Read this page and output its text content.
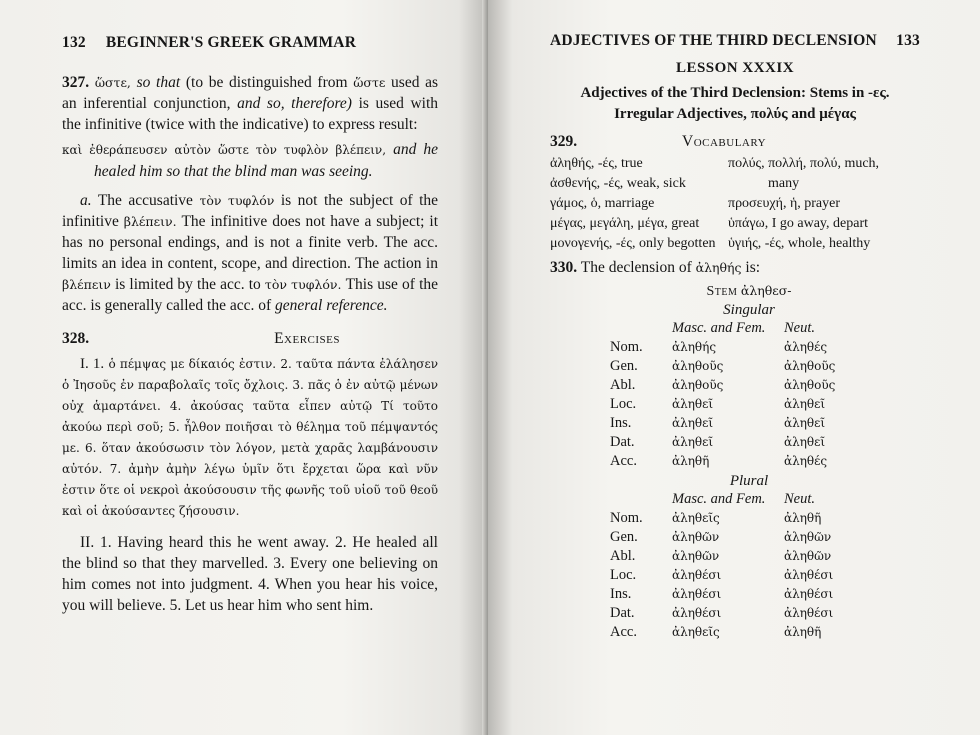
132 BEGINNER'S GREEK GRAMMAR

327. ὥστε, so that (to be distinguished from ὥστε used as an inferential conjunction, and so, therefore) is used with the infinitive (twice with the indicative) to express result:

καὶ ἐθεράπευσεν αὐτὸν ὥστε τὸν τυφλὸν βλέπειν, and he healed him so that the blind man was seeing.

a. The accusative τὸν τυφλόν is not the subject of the infinitive βλέπειν. The infinitive does not have a subject; it has no personal endings, and is not a finite verb. The acc. limits an idea in content, scope, and direction. The action in βλέπειν is limited by the acc. to τὸν τυφλόν. This use of the acc. is generally called the acc. of general reference.

328.	Exercises

I. 1. ὁ πέμψας με δίκαιός ἐστιν. 2. ταῦτα πάντα ἐλάλησεν ὁ Ἰησοῦς ἐν παραβολαῖς τοῖς ὄχλοις. 3. πᾶς ὁ ἐν αὐτῷ μένων οὐχ ἁμαρτάνει. 4. ἀκούσας ταῦτα εἶπεν αὐτῷ Τί τοῦτο ἀκούω περὶ σοῦ; 5. ἦλθον ποιῆσαι τὸ θέλημα τοῦ πέμψαντός με. 6. ὅταν ἀκούσωσιν τὸν λόγον, μετὰ χαρᾶς λαμβάνουσιν αὐτόν. 7. ἀμὴν ἀμὴν λέγω ὑμῖν ὅτι ἔρχεται ὥρα καὶ νῦν ἐστιν ὅτε οἱ νεκροὶ ἀκούσουσιν τῆς φωνῆς τοῦ υἱοῦ τοῦ θεοῦ καὶ οἱ ἀκούσαντες ζήσουσιν.

II. 1. Having heard this he went away. 2. He healed all the blind so that they marvelled. 3. Every one believing on him comes not into judgment. 4. When you hear his voice, you will believe. 5. Let us hear him who sent him.

ADJECTIVES OF THE THIRD DECLENSION 133
LESSON XXXIX
Adjectives of the Third Declension: Stems in -ες.
Irregular Adjectives, πολύς and μέγας
329.	Vocabulary
ἀληθής, -ές, true	πολύς, πολλή, πολύ, much,
ἀσθενής, -ές, weak, sick	many
γάμος, ὁ, marriage	προσευχή, ἡ, prayer
μέγας, μεγάλη, μέγα, great	ὑπάγω, I go away, depart
μονογενής, -ές, only begotten ὑγιής, -ές, whole, healthy
330. The declension of ἀληθής is:
Stem ἀληθεσ-
Singular
	Masc. and Fem.	Neut.
Nom.	ἀληθής	ἀληθές
Gen.	ἀληθοῦς	ἀληθοῦς
Abl.	ἀληθοῦς	ἀληθοῦς
Loc.	ἀληθεῖ	ἀληθεῖ
Ins.	ἀληθεῖ	ἀληθεῖ
Dat.	ἀληθεῖ	ἀληθεῖ
Acc.	ἀληθῆ	ἀληθές
Plural
	Masc. and Fem.	Neut.
Nom.	ἀληθεῖς	ἀληθῆ
Gen.	ἀληθῶν	ἀληθῶν
Abl.	ἀληθῶν	ἀληθῶν
Loc.	ἀληθέσι	ἀληθέσι
Ins.	ἀληθέσι	ἀληθέσι
Dat.	ἀληθέσι	ἀληθέσι
Acc.	ἀληθεῖς	ἀληθῆ
